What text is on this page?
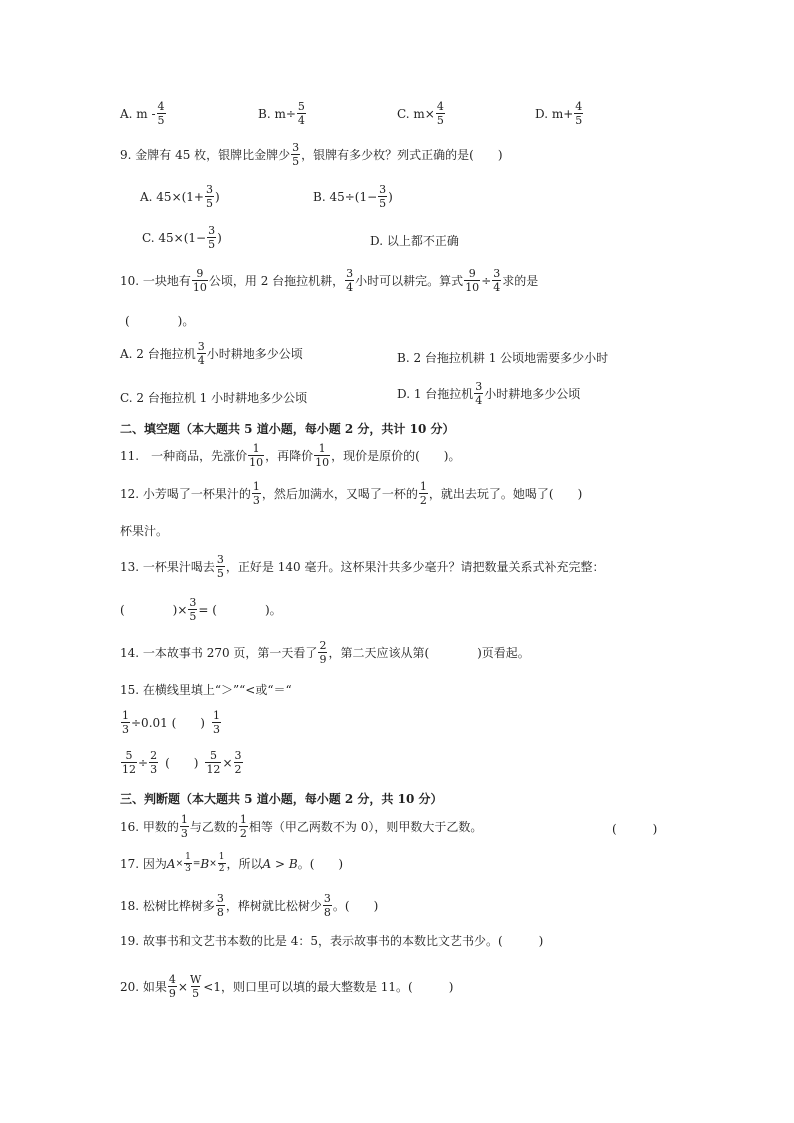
A. m - $\frac{4}{5}$	B. $m\div \frac{5}{4}$	C. $m\times \frac{4}{5}$	D. $m+ \frac{4}{5}$
9. 金牌有 45 枚，银牌比金牌少 $\frac{3}{5}$ ，银牌有多少枚？列式正确的是(　　)
A. $45\times(1+ \frac{3}{5}$ )	B. $45\div(1- \frac{3}{5}$ )
C. $45\times(1- \frac{3}{5}$ )	D. 以上都不正确
10. 一块地有 $\frac{9}{10}$ 公顷，用 2 台拖拉机耕， $\frac{3}{4}$ 小时可以耕完。算式 $\frac{9}{10} \div \frac{3}{4}$ 求的是
(　　　　)。
A. 2 台拖拉机 $\frac{3}{4}$ 小时耕地多少公顷	B. 2 台拖拉机耕 1 公顷地需要多少小时
C. 2 台拖拉机 1 小时耕地多少公顷	D. 1 台拖拉机 $\frac{3}{4}$ 小时耕地多少公顷
二、填空题（本大题共 5 道小题，每小题 2 分，共计 10 分）
11.　一种商品，先涨价 $\frac{1}{10}$ ，再降价 $\frac{1}{10}$ ，现价是原价的(　　)。
12. 小芳喝了一杯果汁的 $\frac{1}{3}$ ，然后加满水，又喝了一杯的 $\frac{1}{2}$ ，就出去玩了。她喝了(　　)
杯果汁。
13. 一杯果汁喝去 $\frac{3}{5}$ ，正好是 140 毫升。这杯果汁共多少毫升？请把数量关系式补充完整：
(　　　　)× $\frac{3}{5}$ = (　　　　)。
14. 一本故事书 270 页，第一天看了 $\frac{2}{9}$ ，第二天应该从第(　　　　)页看起。
15. 在横线里填上“＞”“<或“＝“
$\frac{1}{3} \div 0.01$ (　　) $\frac{1}{3}$
$\frac{5}{12} \div \frac{2}{3}$ (　　) $\frac{5}{12} \times \frac{3}{2}$
三、判断题（本大题共 5 道小题，每小题 2 分，共 10 分）
16. 甲数的 $\frac{1}{3}$ 与乙数的 $\frac{1}{2}$ 相等（甲乙两数不为 0），则甲数大于乙数。	(　　　)
17. 因为 $A \times \frac{1}{3} = B \times \frac{1}{2}$ ，所以 A > B 。(　　)
18. 松树比桦树多 $\frac{3}{8}$ ，桦树就比松树少 $\frac{3}{8}$ 。(　　)
19. 故事书和文艺书本数的比是 4：5，表示故事书的本数比文艺书少。(　　　)
20. 如果 $\frac{4}{9} \times \frac{W}{5} <1$，则口里可以填的最大整数是 11。(　　　)
